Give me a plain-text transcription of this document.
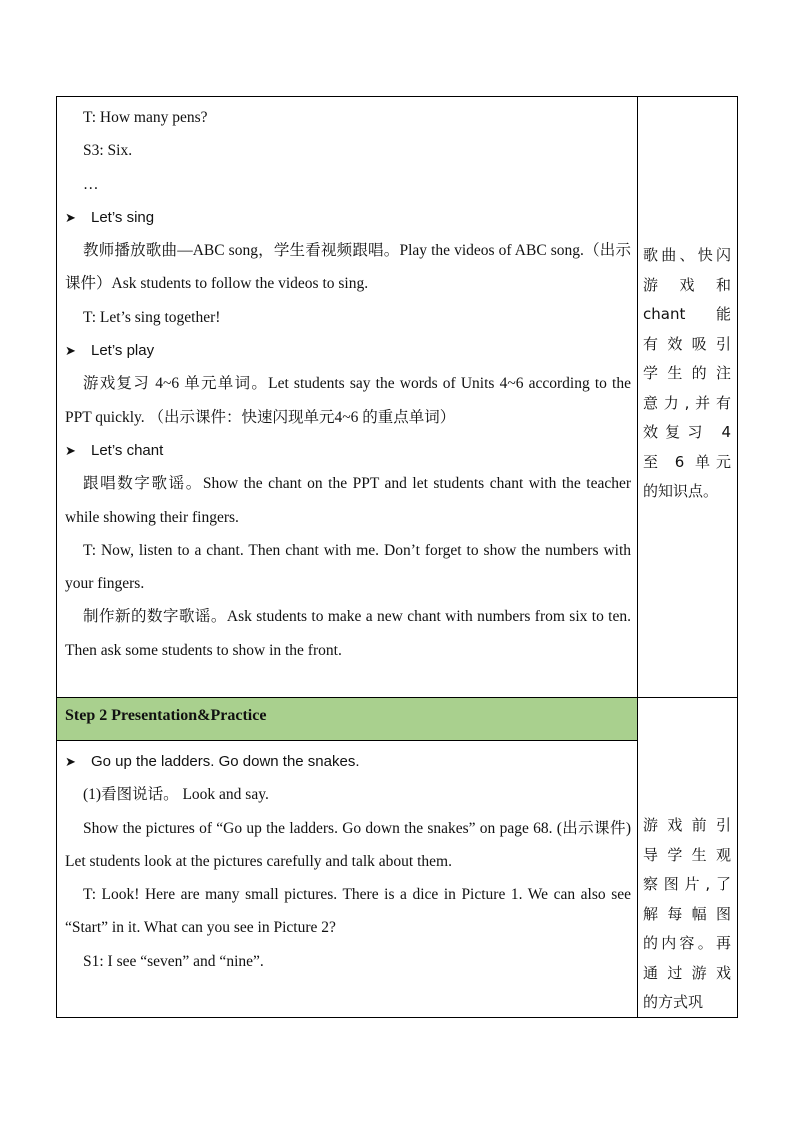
T: How many pens?

S3: Six.

…

➤ Let’s sing

教师播放歌曲—ABC song，学生看视频跟唱。Play the videos of ABC song.（出示课件）Ask students to follow the videos to sing.

T: Let’s sing together!

➤ Let’s play

游戏复习 4~6 单元单词。Let students say the words of Units 4~6 according to the PPT quickly. （出示课件：快速闪现单元4~6 的重点单词）

➤ Let’s chant

跟唱数字歌谣。Show the chant on the PPT and let students chant with the teacher while showing their fingers.

T: Now, listen to a chant. Then chant with me. Don’t forget to show the numbers with your fingers.

制作新的数字歌谣。Ask students to make a new chant with numbers from six to ten. Then ask some students to show in the front.

歌曲、快闪
游 戏 和
chant 能
有效吸引
学生的注
意力,并有
效复习 4
至 6 单元
的知识点。
Step 2 Presentation&Practice

➤ Go up the ladders. Go down the snakes.

(1)看图说话。 Look and say.

Show the pictures of “Go up the ladders. Go down the snakes” on page 68. (出示课件) Let students look at the pictures carefully and talk about them.

T: Look! Here are many small pictures. There is a dice in Picture 1. We can also see “Start” in it. What can you see in Picture 2?

S1: I see “seven” and “nine”.

游戏前引
导学生观
察图片,了
解每幅图
的内容。再
通过游戏
的方式巩
